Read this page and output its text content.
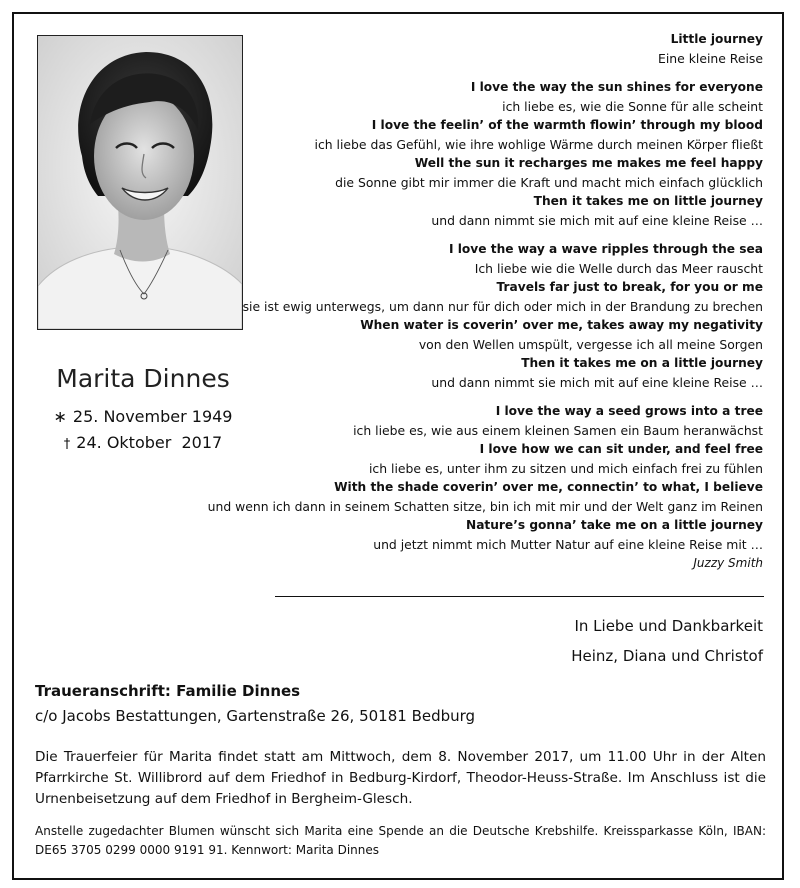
Marita Dinnes
∗ 25. November 1949
† 24. Oktober  2017
Little journey
Eine kleine Reise
I love the way the sun shines for everyone
ich liebe es, wie die Sonne für alle scheint
I love the feelin’ of the warmth flowin’ through my blood
ich liebe das Gefühl, wie ihre wohlige Wärme durch meinen Körper fließt
Well the sun it recharges me makes me feel happy
die Sonne gibt mir immer die Kraft und macht mich einfach glücklich
Then it takes me on little journey
und dann nimmt sie mich mit auf eine kleine Reise …
I love the way a wave ripples through the sea
Ich liebe wie die Welle durch das Meer rauscht
Travels far just to break, for you or me
sie ist ewig unterwegs, um dann nur für dich oder mich in der Brandung zu brechen
When water is coverin’ over me, takes away my negativity
von den Wellen umspült, vergesse ich all meine Sorgen
Then it takes me on a little journey
und dann nimmt sie mich mit auf eine kleine Reise …
I love the way a seed grows into a tree
ich liebe es, wie aus einem kleinen Samen ein Baum heranwächst
I love how we can sit under, and feel free
ich liebe es, unter ihm zu sitzen und mich einfach frei zu fühlen
With the shade coverin’ over me, connectin’ to what, I believe
und wenn ich dann in seinem Schatten sitze, bin ich mit mir und der Welt ganz im Reinen
Nature’s gonna’ take me on a little journey
und jetzt nimmt mich Mutter Natur auf eine kleine Reise mit …
Juzzy Smith
In Liebe und Dankbarkeit
Heinz, Diana und Christof
Traueranschrift: Familie Dinnes
c/o Jacobs Bestattungen, Gartenstraße 26, 50181 Bedburg
Die Trauerfeier für Marita findet statt am Mittwoch, dem 8. November 2017, um 11.00 Uhr in der Alten Pfarrkirche St. Willibrord auf dem Friedhof in Bedburg-Kirdorf, Theodor-Heuss-Straße. Im Anschluss ist die Urnenbeisetzung auf dem Friedhof in Bergheim-Glesch.
Anstelle zugedachter Blumen wünscht sich Marita eine Spende an die Deutsche Krebshilfe. Kreissparkasse Köln, IBAN: DE65 3705 0299 0000 9191 91. Kennwort: Marita Dinnes
